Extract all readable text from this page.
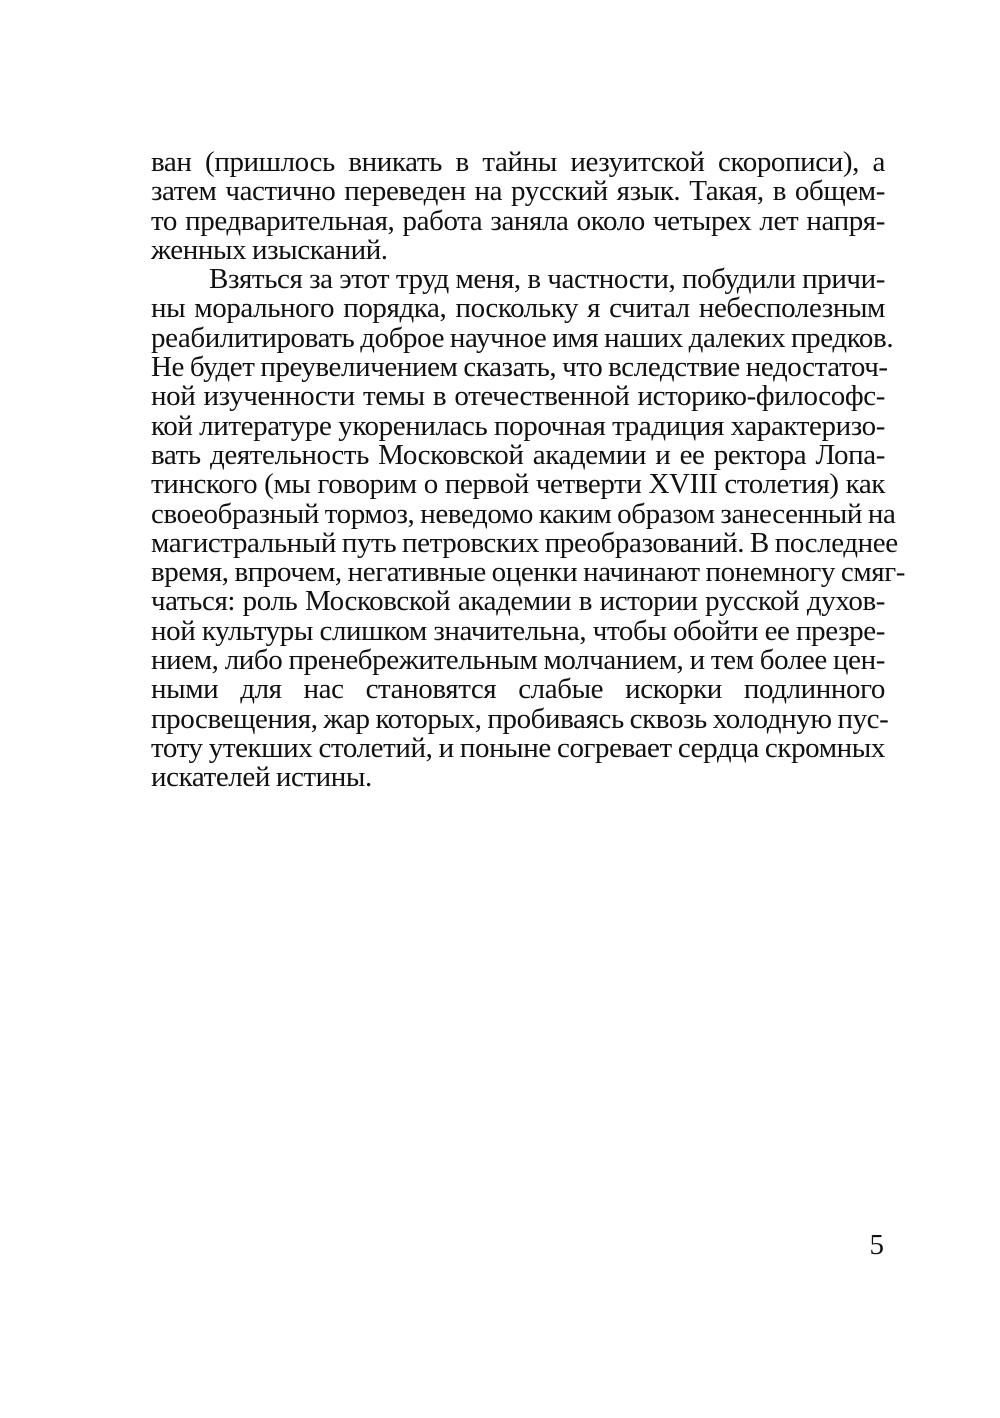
ван (пришлось вникать в тайны иезуитской скорописи), а
затем частично переведен на русский язык. Такая, в общем-
то предварительная, работа заняла около четырех лет напря-
женных изысканий.
Взяться за этот труд меня, в частности, побудили причи-
ны морального порядка, поскольку я считал небесполезным
реабилитировать доброе научное имя наших далеких предков.
Не будет преувеличением сказать, что вследствие недостаточ-
ной изученности темы в отечественной историко-философс-
кой литературе укоренилась порочная традиция характеризо-
вать деятельность Московской академии и ее ректора Лопа-
тинского (мы говорим о первой четверти XVIII столетия) как
своеобразный тормоз, неведомо каким образом занесенный на
магистральный путь петровских преобразований. В последнее
время, впрочем, негативные оценки начинают понемногу смяг-
чаться: роль Московской академии в истории русской духов-
ной культуры слишком значительна, чтобы обойти ее презре-
нием, либо пренебрежительным молчанием, и тем более цен-
ными для нас становятся слабые искорки подлинного
просвещения, жар которых, пробиваясь сквозь холодную пус-
тоту утекших столетий, и поныне согревает сердца скромных
искателей истины.
5
